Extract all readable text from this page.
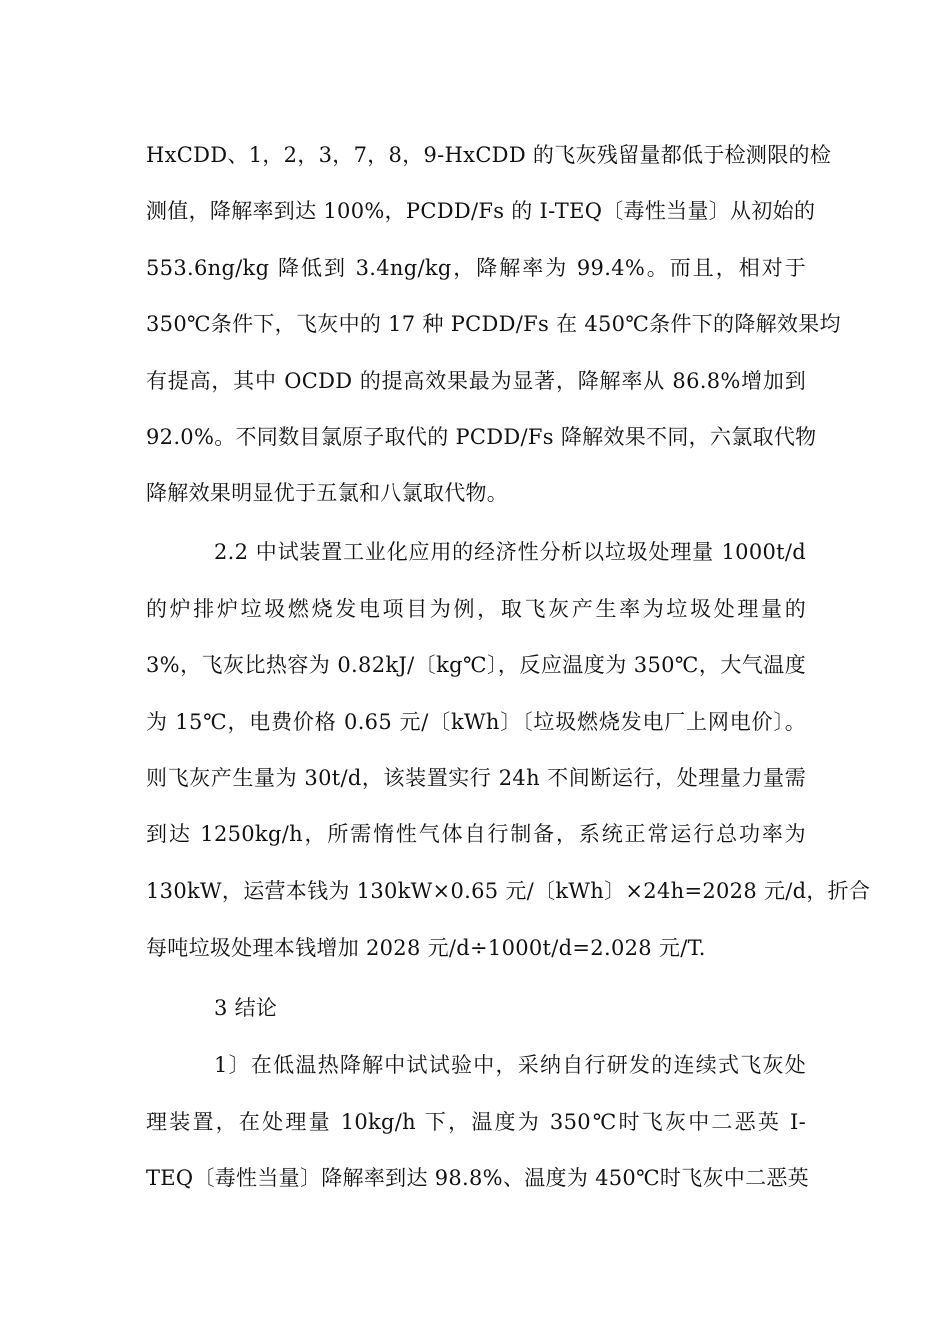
HxCDD、1，2，3，7，8，9-HxCDD 的飞灰残留量都低于检测限的检
测值，降解率到达 100%，PCDD/Fs 的 I-TEQ〔毒性当量〕从初始的
553.6ng/kg 降低到 3.4ng/kg，降解率为 99.4%。而且，相对于
350℃条件下，飞灰中的 17 种 PCDD/Fs 在 450℃条件下的降解效果均
有提高，其中 OCDD 的提高效果最为显著，降解率从 86.8%增加到
92.0%。不同数目氯原子取代的 PCDD/Fs 降解效果不同，六氯取代物
降解效果明显优于五氯和八氯取代物。
2.2 中试装置工业化应用的经济性分析以垃圾处理量 1000t/d
的炉排炉垃圾燃烧发电项目为例，取飞灰产生率为垃圾处理量的
3%，飞灰比热容为 0.82kJ/〔kg℃〕，反应温度为 350℃，大气温度
为 15℃，电费价格 0.65 元/〔kWh〕〔垃圾燃烧发电厂上网电价〕。
则飞灰产生量为 30t/d，该装置实行 24h 不间断运行，处理量力量需
到达 1250kg/h，所需惰性气体自行制备，系统正常运行总功率为
130kW，运营本钱为 130kW×0.65 元/〔kWh〕×24h=2028 元/d，折合
每吨垃圾处理本钱增加 2028 元/d÷1000t/d=2.028 元/T.
3 结论
1〕在低温热降解中试试验中，采纳自行研发的连续式飞灰处
理装置，在处理量 10kg/h 下，温度为 350℃时飞灰中二恶英 I-
TEQ〔毒性当量〕降解率到达 98.8%、温度为 450℃时飞灰中二恶英
